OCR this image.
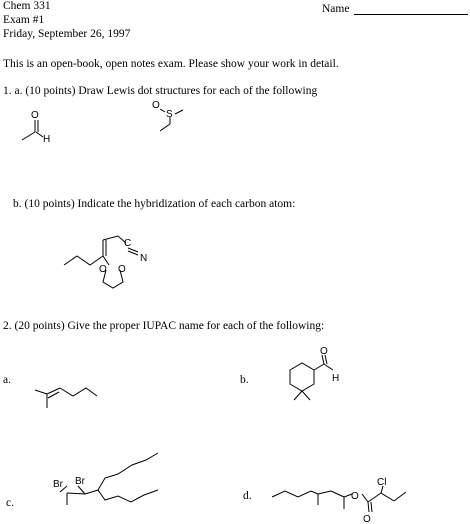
Chem 331
Exam #1
Friday, September 26, 1997
Name
This is an open-book, open notes exam. Please show your work in detail.
1. a. (10 points) Draw Lewis dot structures for each of the following
b. (10 points) Indicate the hybridization of each carbon atom:
2. (20 points) Give the proper IUPAC name for each of the following:
a.	b.
c.
d.
O
H
O
S
C
N
O O
O
H
Br Br
O
O
Cl
